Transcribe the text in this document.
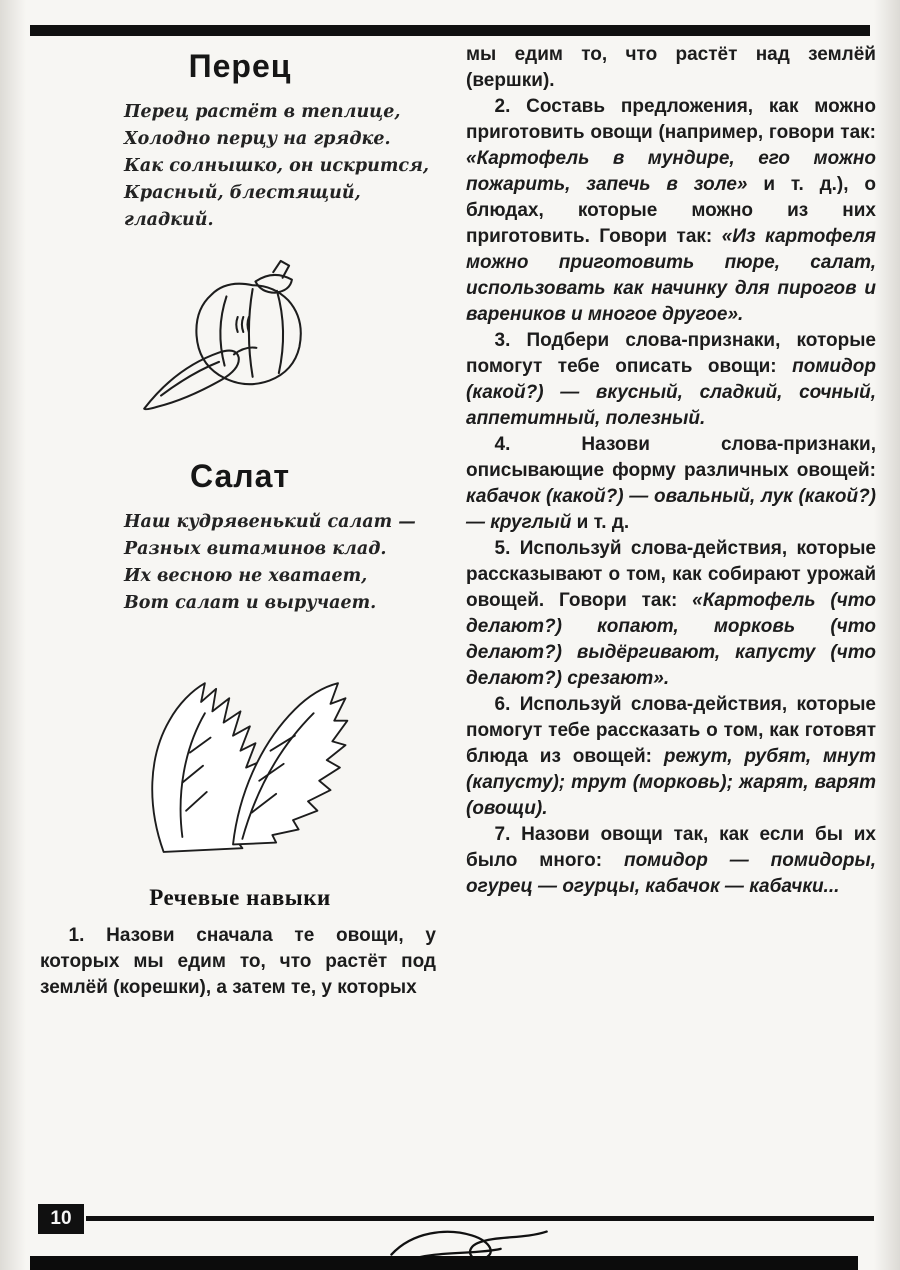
Перец
Перец растёт в теплице,
Холодно перцу на грядке.
Как солнышко, он искрится,
Красный, блестящий, гладкий.
Салат
Наш кудрявенький салат —
Разных витаминов клад.
Их весною не хватает,
Вот салат и выручает.
Речевые навыки

1. Назови сначала те овощи, у которых мы едим то, что растёт под землёй (корешки), а затем те, у которых

мы едим то, что растёт над землёй (вершки).

2. Составь предложения, как можно приготовить овощи (например, говори так: «Картофель в мундире, его можно пожарить, запечь в золе» и т. д.), о блюдах, которые можно из них приготовить. Говори так: «Из картофеля можно приготовить пюре, салат, использовать как начинку для пирогов и вареников и многое другое».

3. Подбери слова-признаки, которые помогут тебе описать овощи: помидор (какой?) — вкусный, сладкий, сочный, аппетитный, полезный.

4. Назови слова-признаки, описывающие форму различных овощей: кабачок (какой?) — овальный, лук (какой?) — круглый и т. д.

5. Используй слова-действия, которые рассказывают о том, как собирают урожай овощей. Говори так: «Картофель (что делают?) копают, морковь (что делают?) выдёргивают, капусту (что делают?) срезают».

6. Используй слова-действия, которые помогут тебе рассказать о том, как готовят блюда из овощей: режут, рубят, мнут (капусту); трут (морковь); жарят, варят (овощи).

7. Назови овощи так, как если бы их было много: помидор — помидоры, огурец — огурцы, кабачок — кабачки...

10
